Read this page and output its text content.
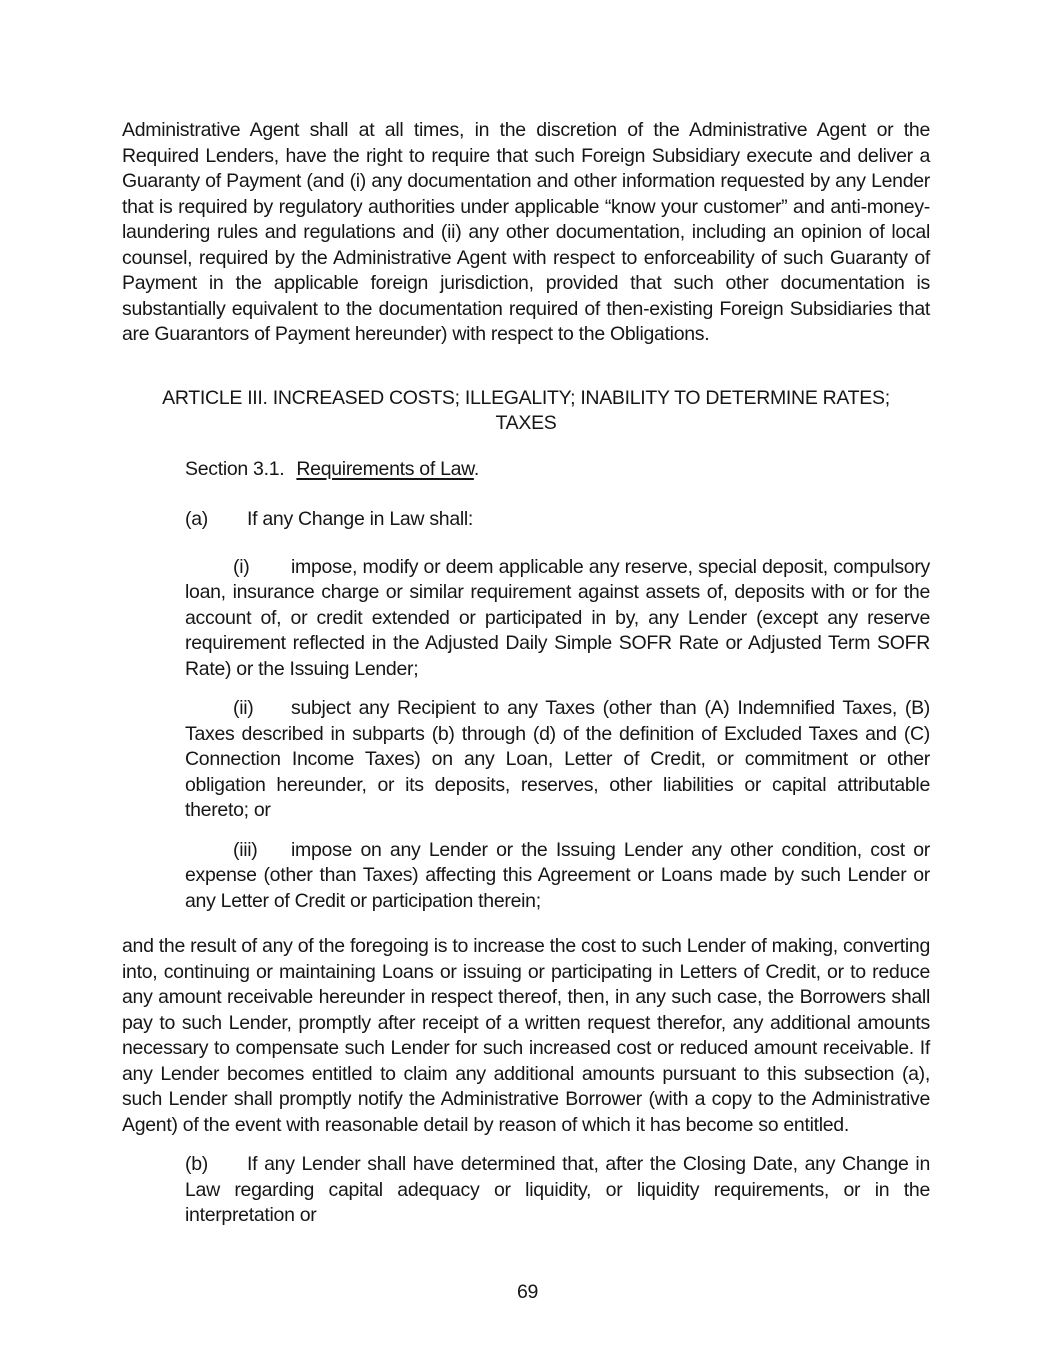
Administrative Agent shall at all times, in the discretion of the Administrative Agent or the Required Lenders, have the right to require that such Foreign Subsidiary execute and deliver a Guaranty of Payment (and (i) any documentation and other information requested by any Lender that is required by regulatory authorities under applicable “know your customer” and anti-money-laundering rules and regulations and (ii) any other documentation, including an opinion of local counsel, required by the Administrative Agent with respect to enforceability of such Guaranty of Payment in the applicable foreign jurisdiction, provided that such other documentation is substantially equivalent to the documentation required of then-existing Foreign Subsidiaries that are Guarantors of Payment hereunder) with respect to the Obligations.

ARTICLE III. INCREASED COSTS; ILLEGALITY; INABILITY TO DETERMINE RATES;
TAXES

Section 3.1. Requirements of Law.

(a) If any Change in Law shall:

(i) impose, modify or deem applicable any reserve, special deposit, compulsory loan, insurance charge or similar requirement against assets of, deposits with or for the account of, or credit extended or participated in by, any Lender (except any reserve requirement reflected in the Adjusted Daily Simple SOFR Rate or Adjusted Term SOFR Rate) or the Issuing Lender;

(ii) subject any Recipient to any Taxes (other than (A) Indemnified Taxes, (B) Taxes described in subparts (b) through (d) of the definition of Excluded Taxes and (C) Connection Income Taxes) on any Loan, Letter of Credit, or commitment or other obligation hereunder, or its deposits, reserves, other liabilities or capital attributable thereto; or

(iii) impose on any Lender or the Issuing Lender any other condition, cost or expense (other than Taxes) affecting this Agreement or Loans made by such Lender or any Letter of Credit or participation therein;

and the result of any of the foregoing is to increase the cost to such Lender of making, converting into, continuing or maintaining Loans or issuing or participating in Letters of Credit, or to reduce any amount receivable hereunder in respect thereof, then, in any such case, the Borrowers shall pay to such Lender, promptly after receipt of a written request therefor, any additional amounts necessary to compensate such Lender for such increased cost or reduced amount receivable. If any Lender becomes entitled to claim any additional amounts pursuant to this subsection (a), such Lender shall promptly notify the Administrative Borrower (with a copy to the Administrative Agent) of the event with reasonable detail by reason of which it has become so entitled.

(b) If any Lender shall have determined that, after the Closing Date, any Change in Law regarding capital adequacy or liquidity, or liquidity requirements, or in the interpretation or

69
